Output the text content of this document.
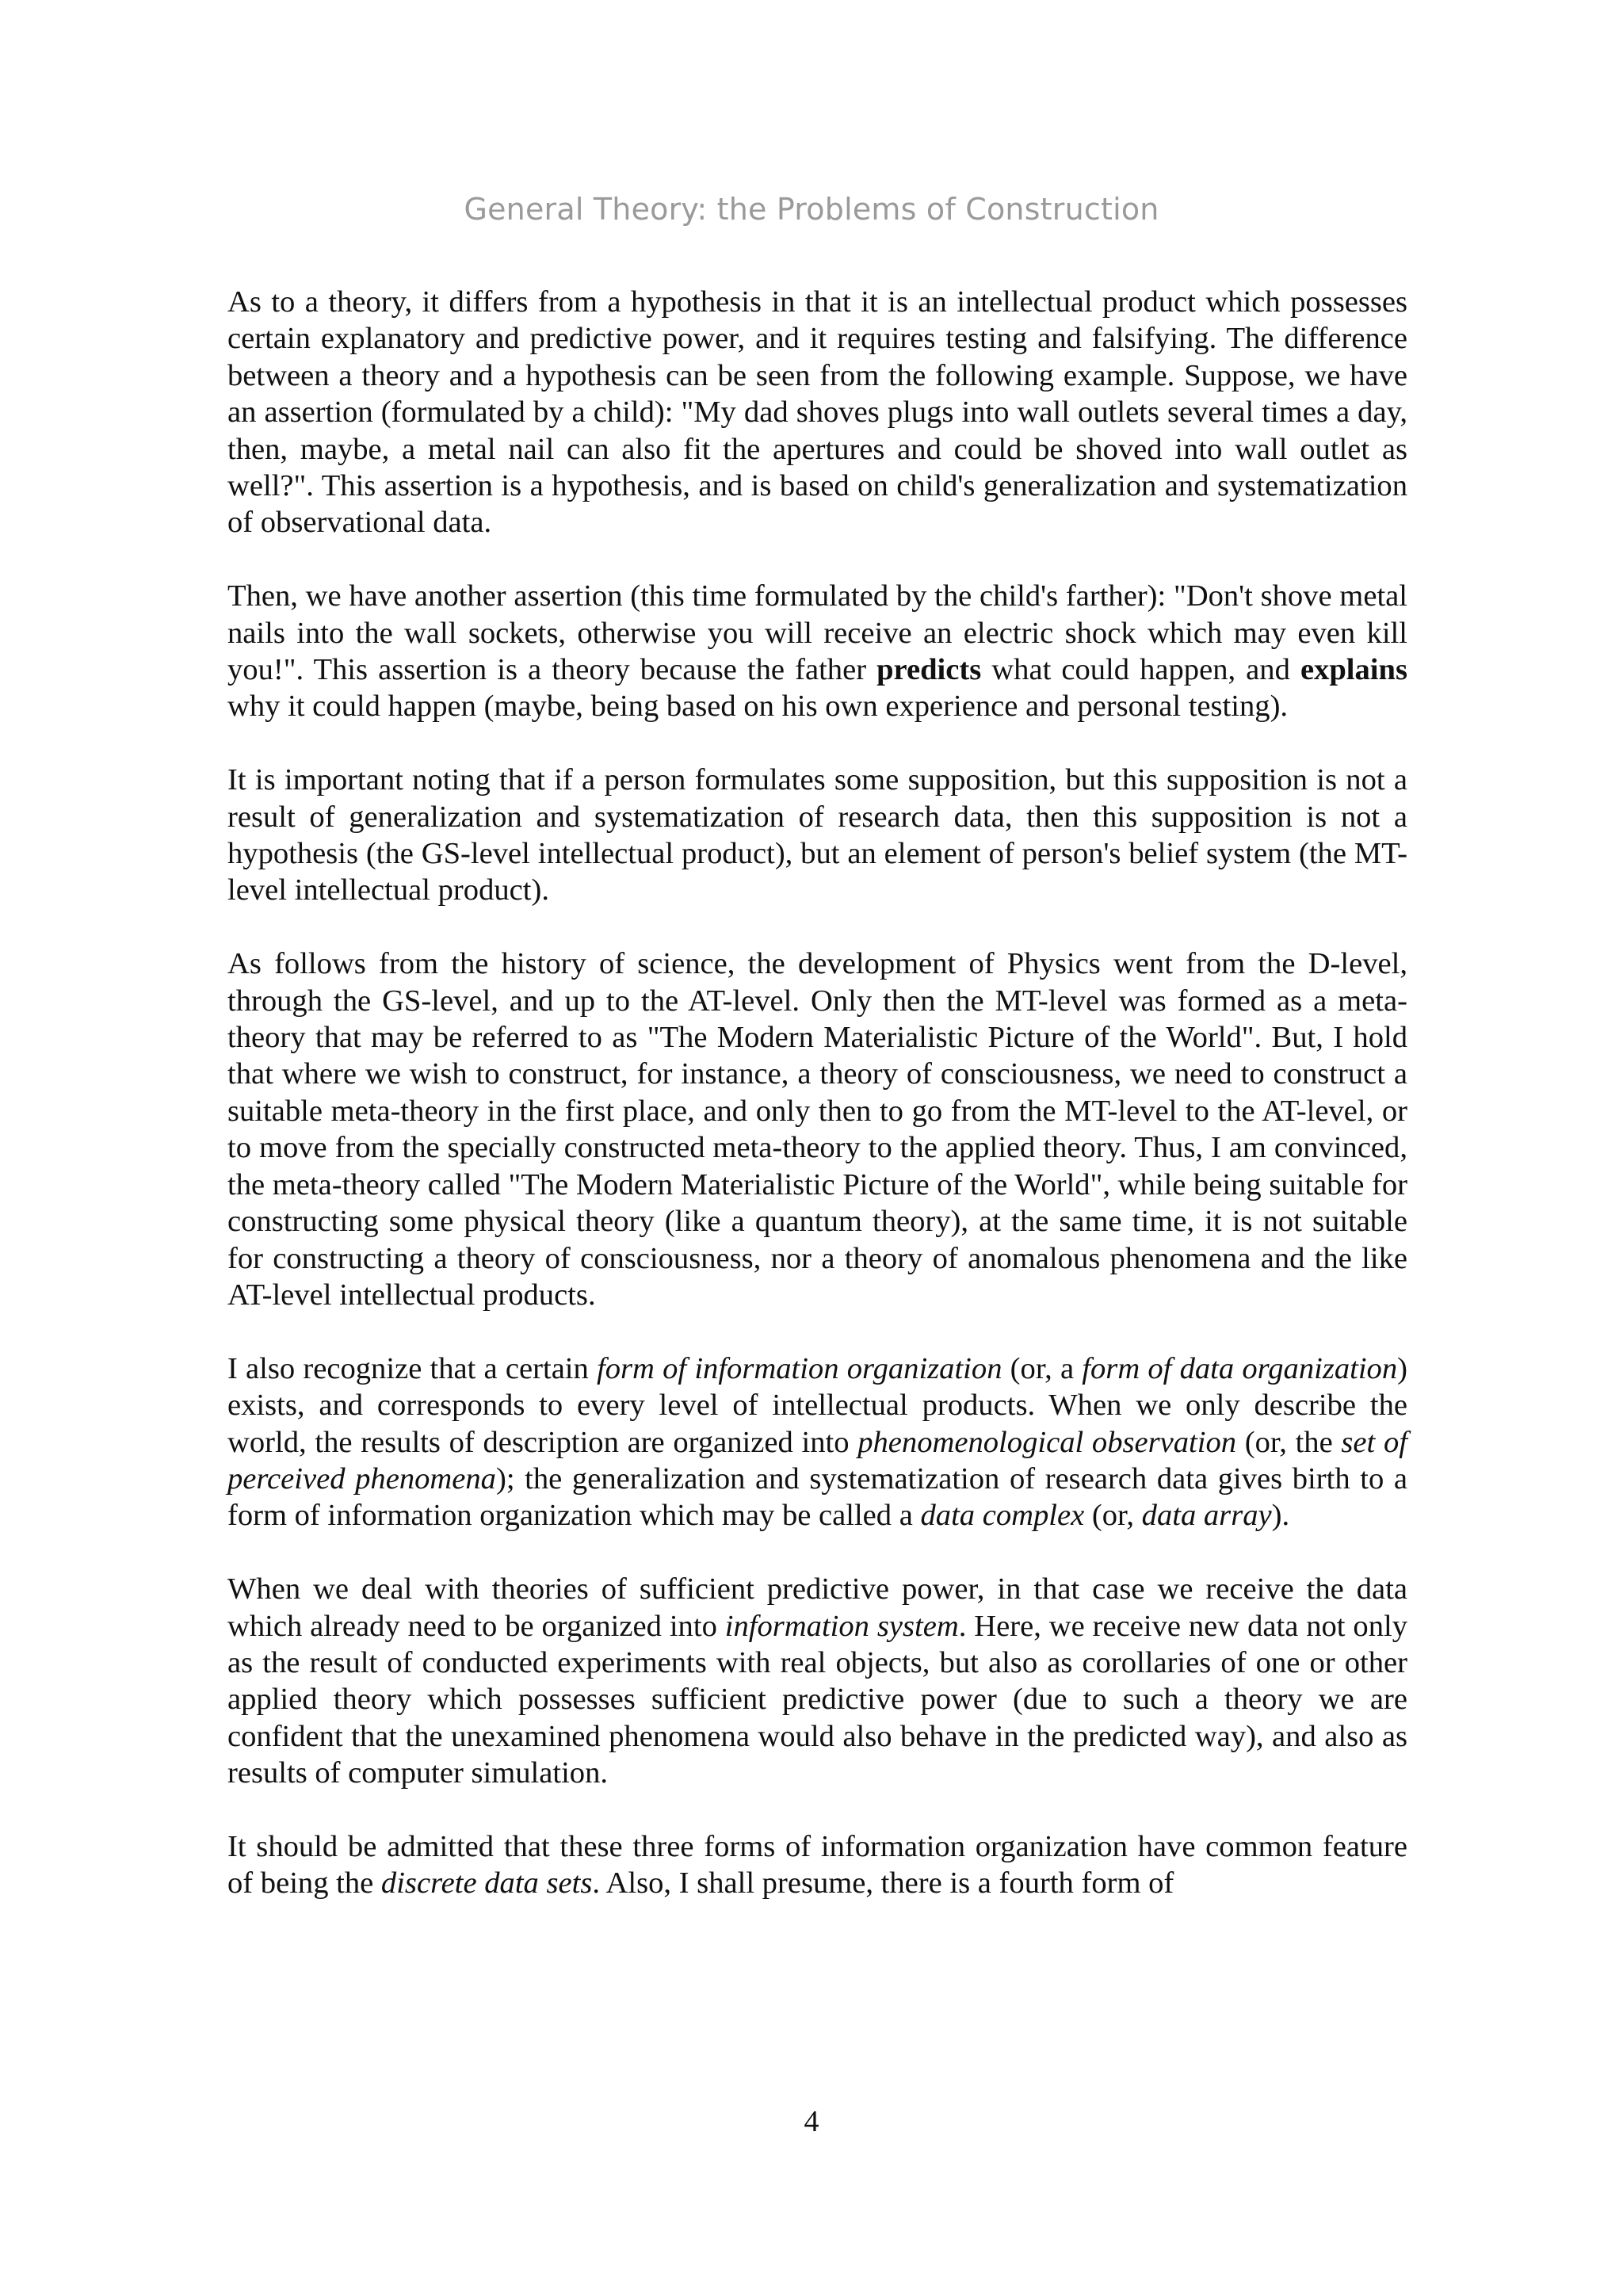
General Theory: the Problems of Construction

As to a theory, it differs from a hypothesis in that it is an intellectual product which possesses certain explanatory and predictive power, and it requires testing and falsifying. The difference between a theory and a hypothesis can be seen from the following example. Suppose, we have an assertion (formulated by a child): "My dad shoves plugs into wall outlets several times a day, then, maybe, a metal nail can also fit the apertures and could be shoved into wall outlet as well?". This assertion is a hypothesis, and is based on child's generalization and systematization of observational data.

Then, we have another assertion (this time formulated by the child's farther): "Don't shove metal nails into the wall sockets, otherwise you will receive an electric shock which may even kill you!". This assertion is a theory because the father predicts what could happen, and explains why it could happen (maybe, being based on his own experience and personal testing).

It is important noting that if a person formulates some supposition, but this supposition is not a result of generalization and systematization of research data, then this supposition is not a hypothesis (the GS-level intellectual product), but an element of person's belief system (the MT-level intellectual product).

As follows from the history of science, the development of Physics went from the D-level, through the GS-level, and up to the AT-level. Only then the MT-level was formed as a meta-theory that may be referred to as "The Modern Materialistic Picture of the World". But, I hold that where we wish to construct, for instance, a theory of consciousness, we need to construct a suitable meta-theory in the first place, and only then to go from the MT-level to the AT-level, or to move from the specially constructed meta-theory to the applied theory. Thus, I am convinced, the meta-theory called "The Modern Materialistic Picture of the World", while being suitable for constructing some physical theory (like a quantum theory), at the same time, it is not suitable for constructing a theory of consciousness, nor a theory of anomalous phenomena and the like AT-level intellectual products.

I also recognize that a certain form of information organization (or, a form of data organization) exists, and corresponds to every level of intellectual products. When we only describe the world, the results of description are organized into phenomenological observation (or, the set of perceived phenomena); the generalization and systematization of research data gives birth to a form of information organization which may be called a data complex (or, data array).

When we deal with theories of sufficient predictive power, in that case we receive the data which already need to be organized into information system. Here, we receive new data not only as the result of conducted experiments with real objects, but also as corollaries of one or other applied theory which possesses sufficient predictive power (due to such a theory we are confident that the unexamined phenomena would also behave in the predicted way), and also as results of computer simulation.

It should be admitted that these three forms of information organization have common feature of being the discrete data sets. Also, I shall presume, there is a fourth form of

4
